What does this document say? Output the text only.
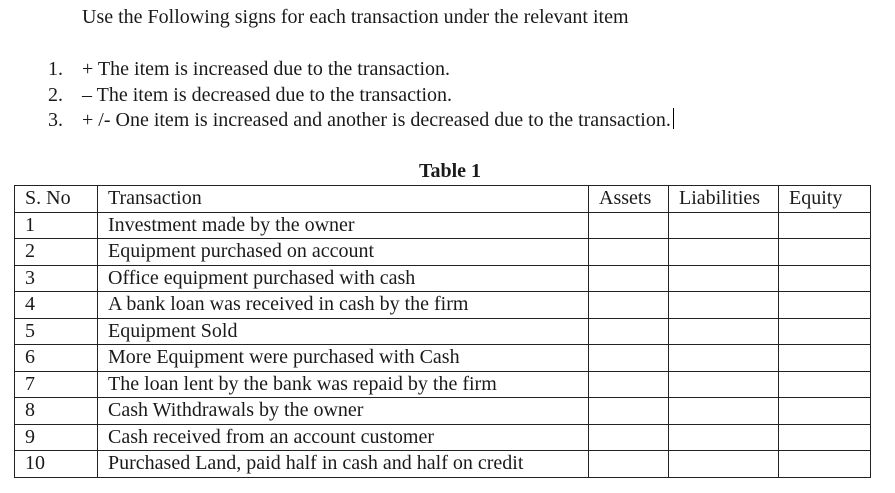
Use the Following signs for each transaction under the relevant item
1. + The item is increased due to the transaction.
2. – The item is decreased due to the transaction.
3. + /- One item is increased and another is decreased due to the transaction.
Table 1
S. No	Transaction	Assets	Liabilities	Equity
1	Investment made by the owner			
2	Equipment purchased on account			
3	Office equipment purchased with cash			
4	A bank loan was received in cash by the firm			
5	Equipment Sold			
6	More Equipment were purchased with Cash			
7	The loan lent by the bank was repaid by the firm			
8	Cash Withdrawals by the owner			
9	Cash received from an account customer			
10	Purchased Land, paid half in cash and half on credit			
